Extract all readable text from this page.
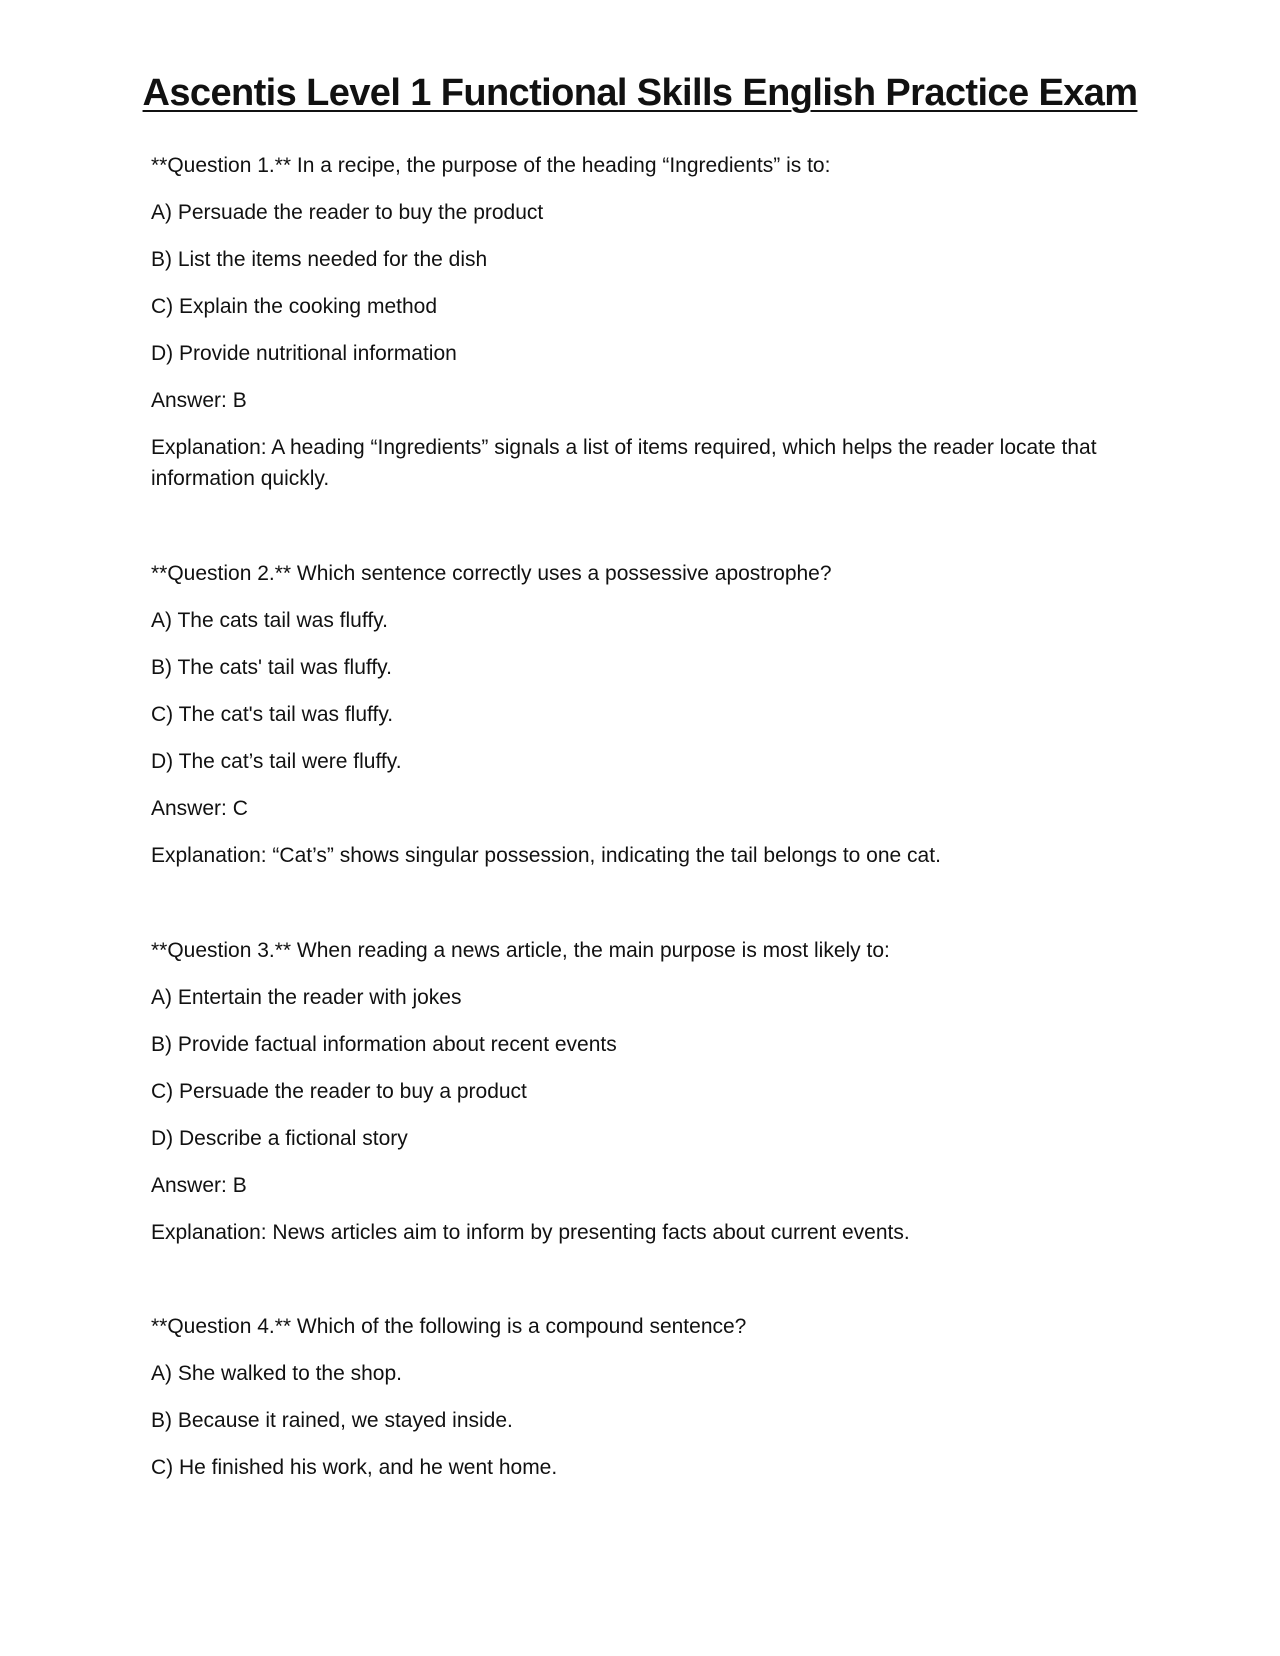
Ascentis Level 1 Functional Skills English Practice Exam
**Question 1.** In a recipe, the purpose of the heading “Ingredients” is to:
A) Persuade the reader to buy the product
B) List the items needed for the dish
C) Explain the cooking method
D) Provide nutritional information
Answer: B
Explanation: A heading “Ingredients” signals a list of items required, which helps the reader locate that information quickly.
**Question 2.** Which sentence correctly uses a possessive apostrophe?
A) The cats tail was fluffy.
B) The cats' tail was fluffy.
C) The cat's tail was fluffy.
D) The cat’s tail were fluffy.
Answer: C
Explanation: “Cat’s” shows singular possession, indicating the tail belongs to one cat.
**Question 3.** When reading a news article, the main purpose is most likely to:
A) Entertain the reader with jokes
B) Provide factual information about recent events
C) Persuade the reader to buy a product
D) Describe a fictional story
Answer: B
Explanation: News articles aim to inform by presenting facts about current events.
**Question 4.** Which of the following is a compound sentence?
A) She walked to the shop.
B) Because it rained, we stayed inside.
C) He finished his work, and he went home.
